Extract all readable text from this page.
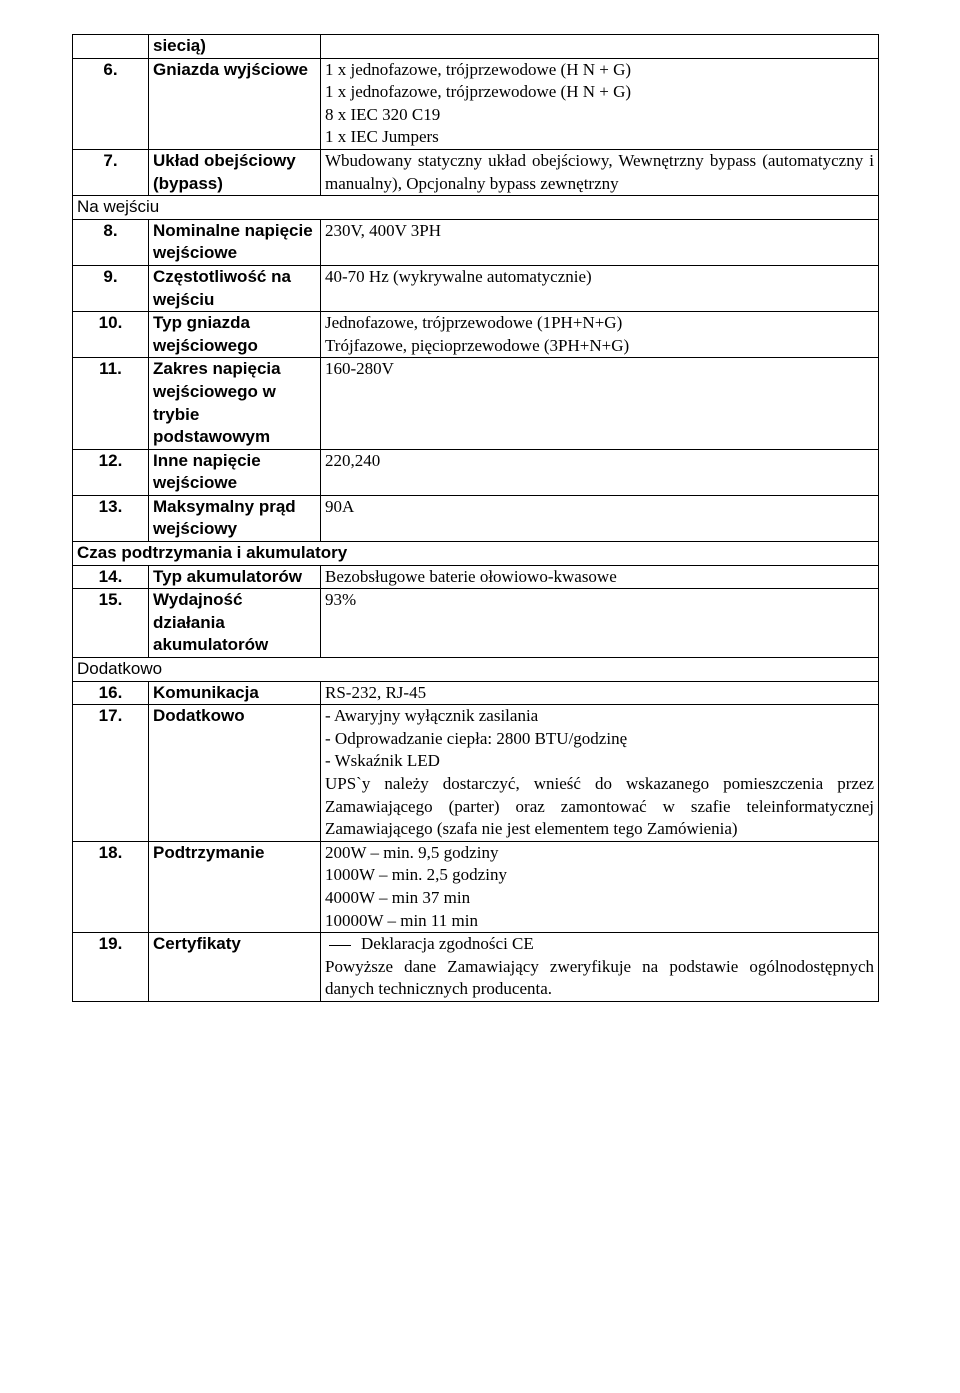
	siecią)	
6.	Gniazda wyjściowe	1 x jednofazowe, trójprzewodowe (H N + G)
1 x jednofazowe, trójprzewodowe (H N + G)
8 x IEC 320 C19
1 x IEC Jumpers

7.	Układ obejściowy (bypass)	Wbudowany statyczny układ obejściowy, Wewnętrzny bypass (automatyczny i manualny), Opcjonalny bypass zewnętrzny

Na wejściu		
8.	Nominalne napięcie wejściowe	230V, 400V 3PH

9.	Częstotliwość na wejściu	40-70 Hz (wykrywalne automatycznie)

10.	Typ gniazda wejściowego	Jednofazowe, trójprzewodowe (1PH+N+G)
Trójfazowe, pięcioprzewodowe (3PH+N+G)

11.	Zakres napięcia wejściowego w trybie podstawowym	160-280V

12.	Inne napięcie wejściowe	220,240

13.	Maksymalny prąd wejściowy	90A

Czas podtrzymania i akumulatory		
14.	Typ akumulatorów	Bezobsługowe baterie ołowiowo-kwasowe

15.	Wydajność działania akumulatorów	93%

Dodatkowo		
16.	Komunikacja	RS-232, RJ-45

17.	Dodatkowo	- Awaryjny wyłącznik zasilania
- Odprowadzanie ciepła: 2800 BTU/godzinę
- Wskaźnik LED
UPS`y należy dostarczyć, wnieść do wskazanego pomieszczenia przez Zamawiającego (parter) oraz zamontować w szafie teleinformatycznej Zamawiającego (szafa nie jest elementem tego Zamówienia)

18.	Podtrzymanie	200W – min. 9,5 godziny
1000W – min. 2,5 godziny
4000W – min 37 min
10000W – min 11 min

19.	Certyfikaty	Deklaracja zgodności CE
Powyższe dane Zamawiający zweryfikuje na podstawie ogólnodostępnych danych technicznych producenta.
